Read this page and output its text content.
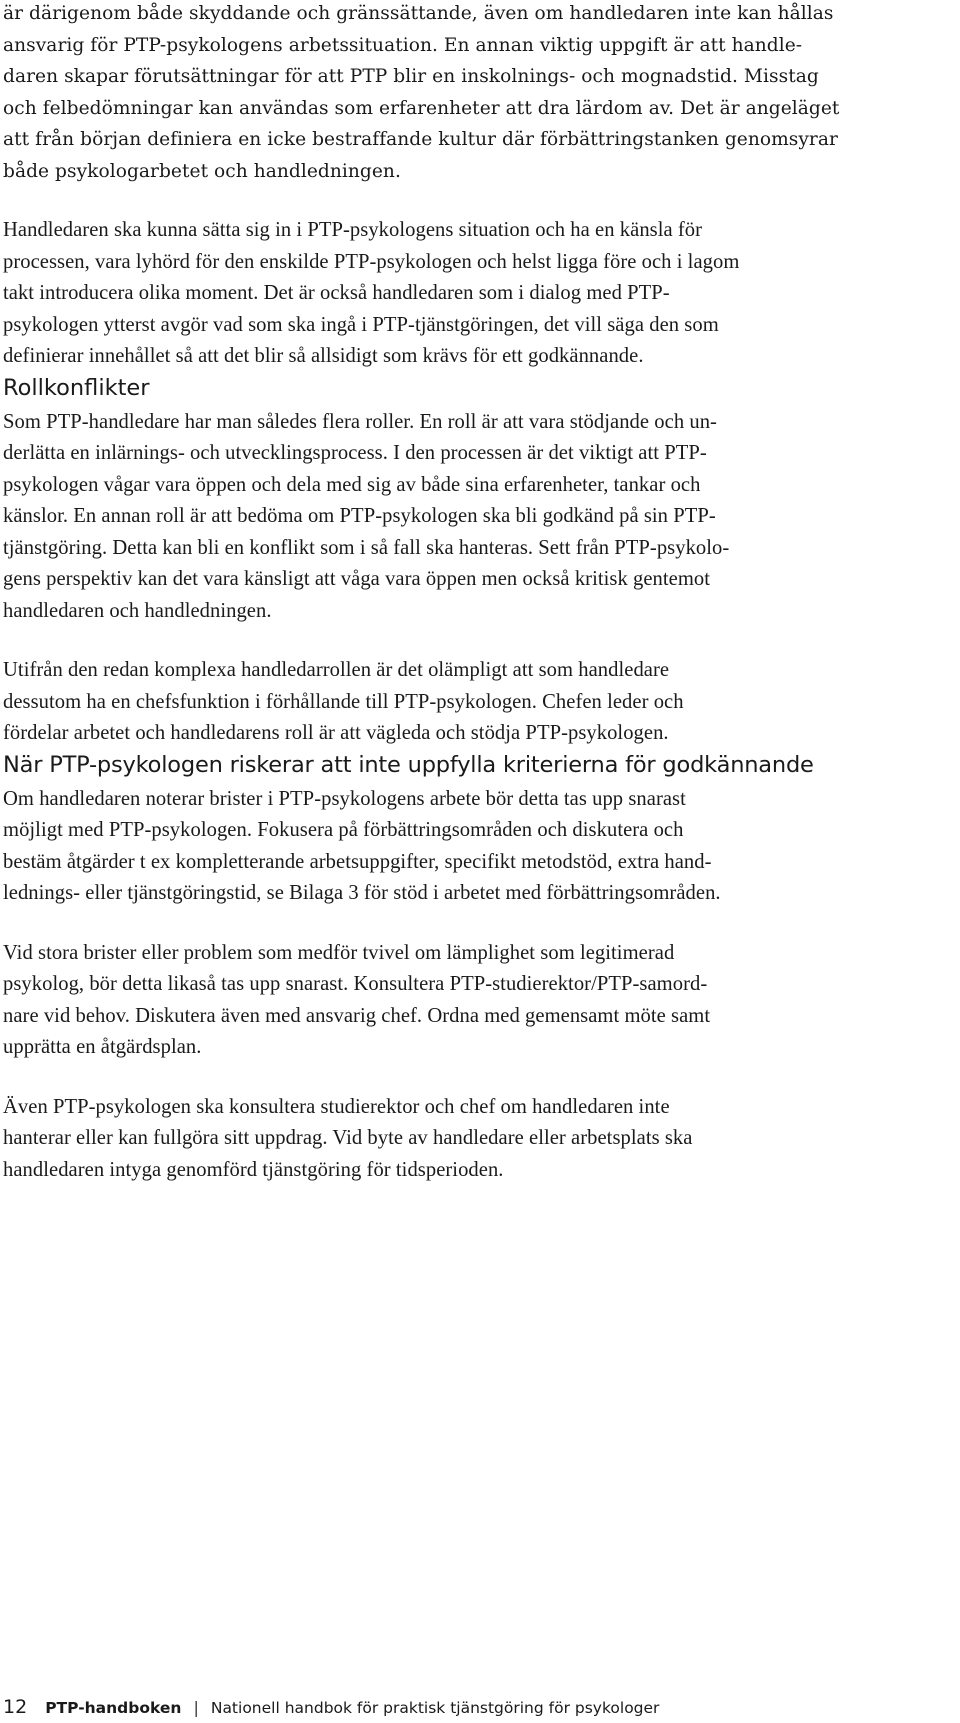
är därigenom både skyddande och gränssättande, även om handledaren inte kan hållas
ansvarig för PTP-psykologens arbetssituation. En annan viktig uppgift är att handle-
daren skapar förutsättningar för att PTP blir en inskolnings- och mognadstid. Misstag
och felbedömningar kan användas som erfarenheter att dra lärdom av. Det är angeläget
att från början definiera en icke bestraffande kultur där förbättringstanken genomsyrar
både psykologarbetet och handledningen.

Handledaren ska kunna sätta sig in i PTP-psykologens situation och ha en känsla för
processen, vara lyhörd för den enskilde PTP-psykologen och helst ligga före och i lagom
takt introducera olika moment. Det är också handledaren som i dialog med PTP-
psykologen ytterst avgör vad som ska ingå i PTP-tjänstgöringen, det vill säga den som
definierar innehållet så att det blir så allsidigt som krävs för ett godkännande.

Rollkonflikter

Som PTP-handledare har man således flera roller. En roll är att vara stödjande och un-
derlätta en inlärnings- och utvecklingsprocess. I den processen är det viktigt att PTP-
psykologen vågar vara öppen och dela med sig av både sina erfarenheter, tankar och
känslor. En annan roll är att bedöma om PTP-psykologen ska bli godkänd på sin PTP-
tjänstgöring. Detta kan bli en konflikt som i så fall ska hanteras. Sett från PTP-psykolo-
gens perspektiv kan det vara känsligt att våga vara öppen men också kritisk gentemot
handledaren och handledningen.

Utifrån den redan komplexa handledarrollen är det olämpligt att som handledare
dessutom ha en chefsfunktion i förhållande till PTP-psykologen. Chefen leder och
fördelar arbetet och handledarens roll är att vägleda och stödja PTP-psykologen.

När PTP-psykologen riskerar att inte uppfylla kriterierna för godkännande

Om handledaren noterar brister i PTP-psykologens arbete bör detta tas upp snarast
möjligt med PTP-psykologen. Fokusera på förbättringsområden och diskutera och
bestäm åtgärder t ex kompletterande arbetsuppgifter, specifikt metodstöd, extra hand-
lednings- eller tjänstgöringstid, se Bilaga 3 för stöd i arbetet med förbättringsområden.

Vid stora brister eller problem som medför tvivel om lämplighet som legitimerad
psykolog, bör detta likaså tas upp snarast. Konsultera PTP-studierektor/PTP-samord-
nare vid behov. Diskutera även med ansvarig chef. Ordna med gemensamt möte samt
upprätta en åtgärdsplan.

Även PTP-psykologen ska konsultera studierektor och chef om handledaren inte
hanterar eller kan fullgöra sitt uppdrag. Vid byte av handledare eller arbetsplats ska
handledaren intyga genomförd tjänstgöring för tidsperioden.

12 PTP-handboken | Nationell handbok för praktisk tjänstgöring för psykologer
